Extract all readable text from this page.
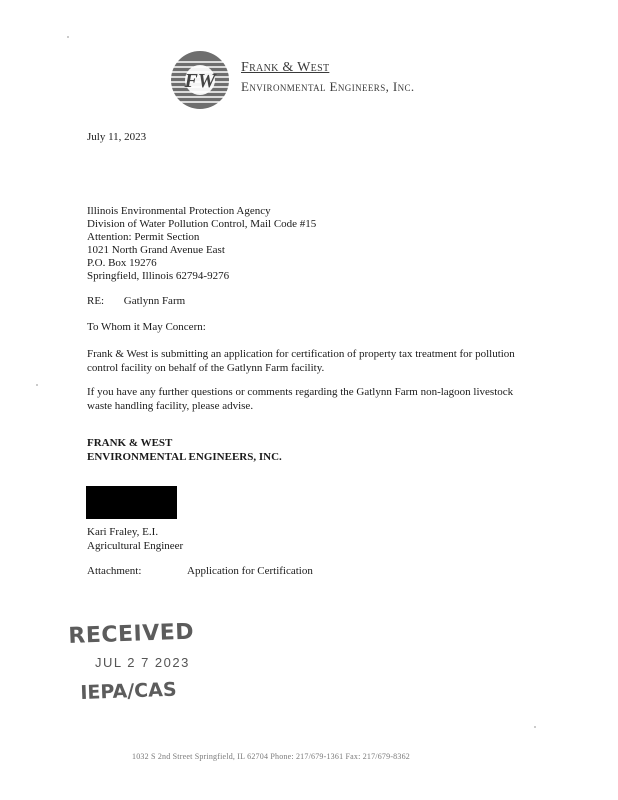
FW
Frank & West
Environmental Engineers, Inc.
July 11, 2023
Illinois Environmental Protection Agency
Division of Water Pollution Control, Mail Code #15
Attention: Permit Section
1021 North Grand Avenue East
P.O. Box 19276
Springfield, Illinois 62794-9276
RE: Gatlynn Farm
To Whom it May Concern:
Frank & West is submitting an application for certification of property tax treatment for pollution
control facility on behalf of the Gatlynn Farm facility.
If you have any further questions or comments regarding the Gatlynn Farm non-lagoon livestock
waste handling facility, please advise.
FRANK & WEST
ENVIRONMENTAL ENGINEERS, INC.
Kari Fraley, E.I.
Agricultural Engineer
Attachment:	Application for Certification
RECEIVED
JUL 2 7 2023
IEPA/CAS
1032 S 2nd Street Springfield, IL 62704 Phone: 217/679-1361 Fax: 217/679-8362
